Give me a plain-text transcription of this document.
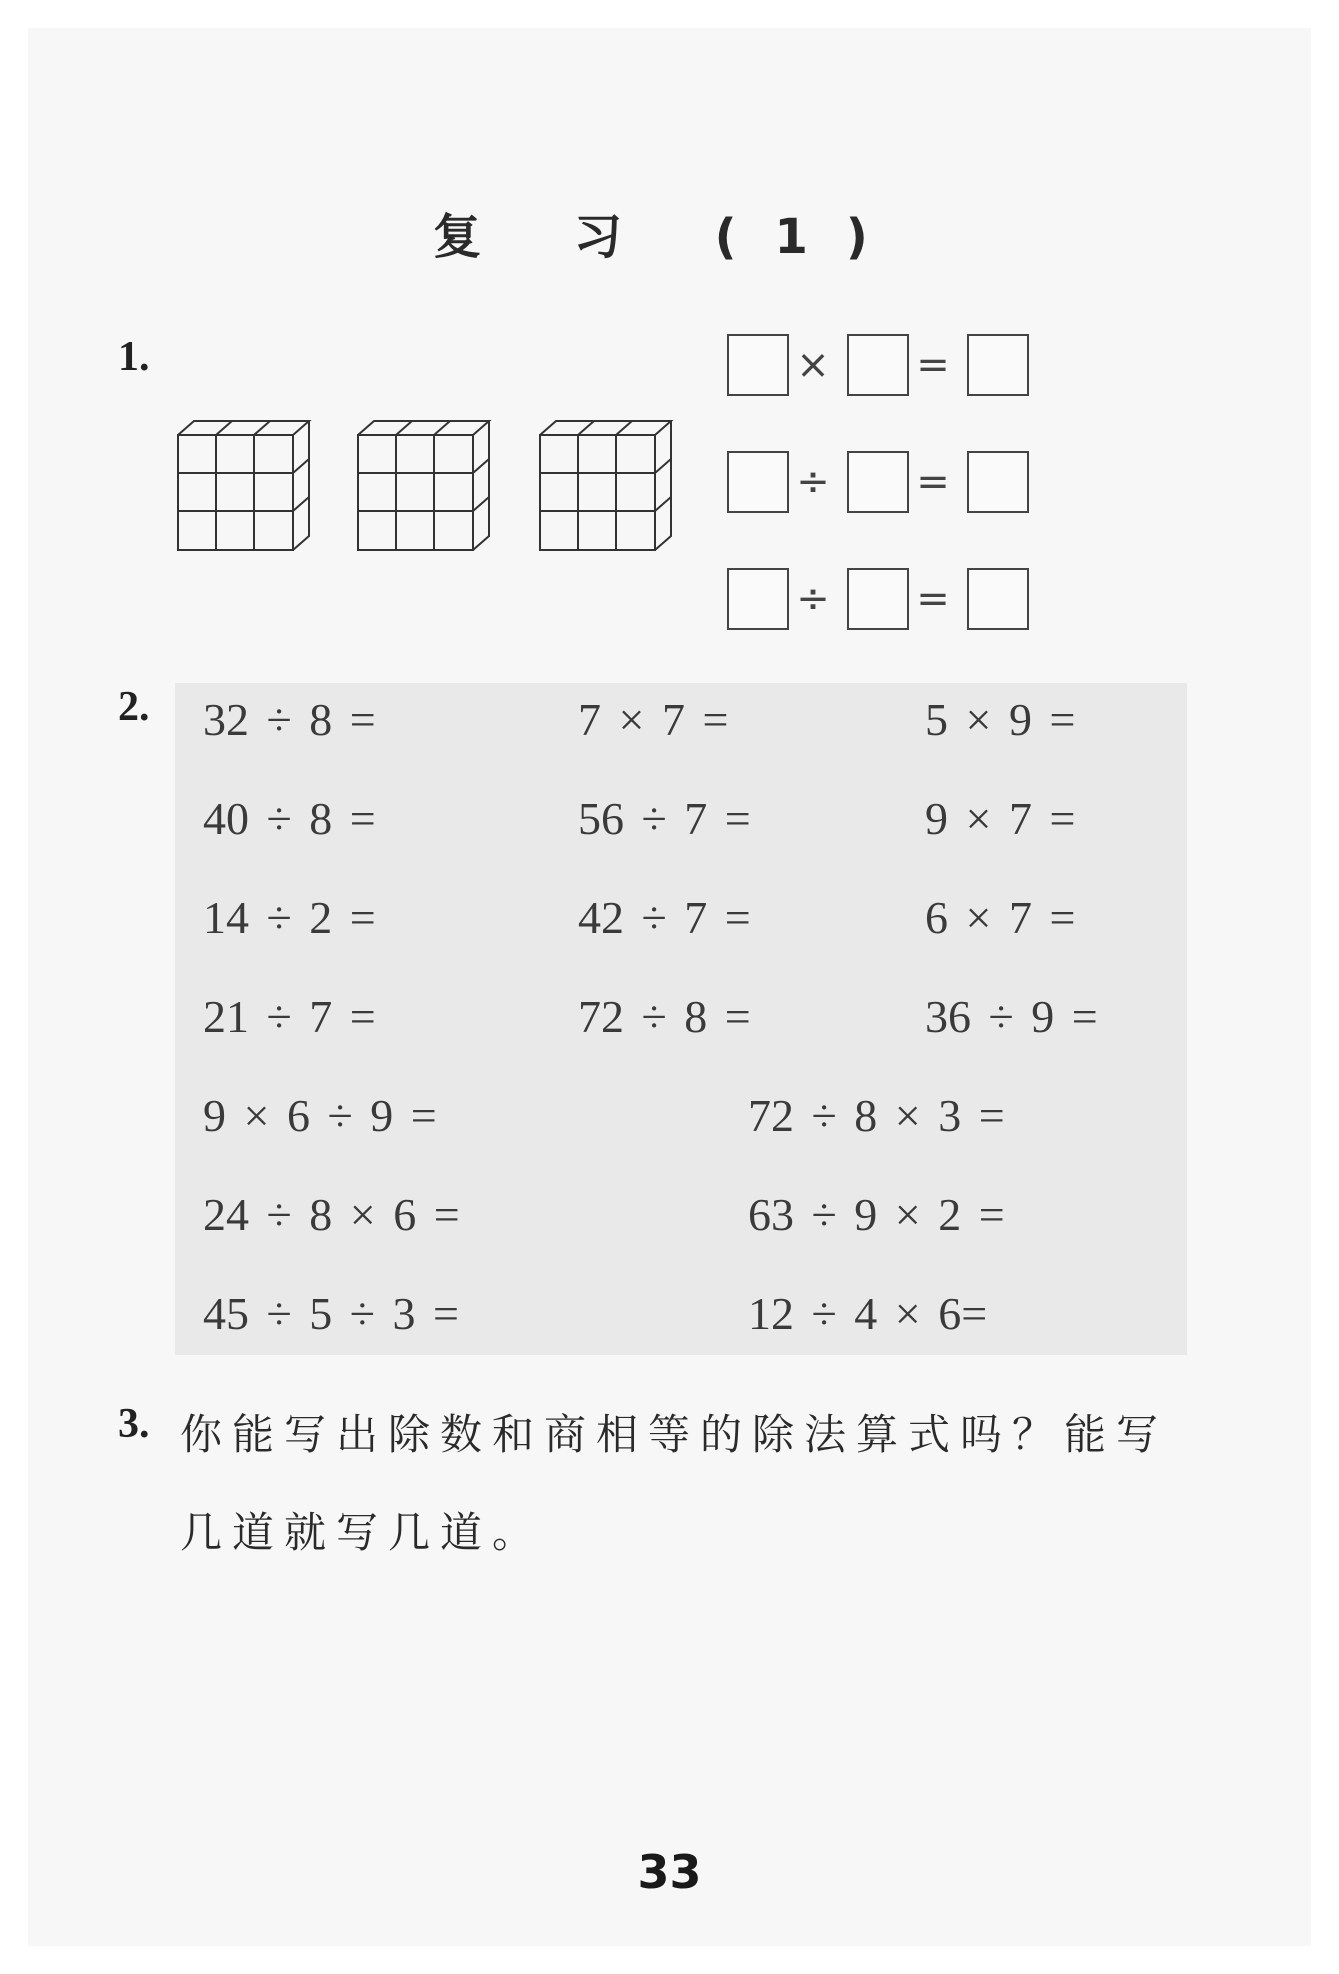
复 习 (1)
1.	× =
÷ =
÷ =
2. 32 ÷ 8 =	7 × 7 =	5 × 9 =
40 ÷ 8 =	56 ÷ 7 =	9 × 7 =
14 ÷ 2 =	42 ÷ 7 =	6 × 7 =
21 ÷ 7 =	72 ÷ 8 =	36 ÷ 9 =
9 × 6 ÷ 9 =	72 ÷ 8 × 3 =
24 ÷ 8 × 6 =	63 ÷ 9 × 2 =
45 ÷ 5 ÷ 3 =	12 ÷ 4 × 6=
3. 你能写出除数和商相等的除法算式吗？能写
几道就写几道。
33
